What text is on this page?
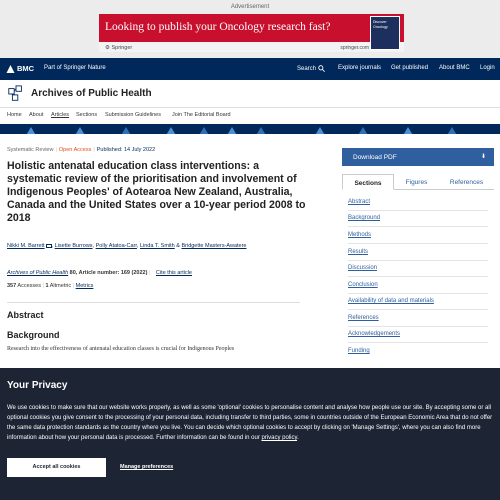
Advertisement
Looking to publish your Oncology research fast?
⚙ Springer	springer.com
Discover Oncology
BMC Part of Springer Nature	Search	Explore journals Get published About BMC Login
Archives of Public Health
Home About Articles Sections Submission Guidelines Join The Editorial Board
Systematic Review | Open Access | Published: 14 July 2022
Holistic antenatal education class interventions: a systematic review of the prioritisation and involvement of Indigenous Peoples' of Aotearoa New Zealand, Australia, Canada and the United States over a 10-year period 2008 to 2018
Nikki M. Barrett , Lisette Burrows, Polly Atatoa-Carr, Linda T. Smith & Bridgette Masters-Awatere
Archives of Public Health 80, Article number: 169 (2022) | Cite this article
357 Accesses | 1 Altmetric | Metrics
Abstract
Background

Research into the effectiveness of antenatal education classes is crucial for Indigenous Peoples

Download PDF	⬇
Sections	Figures	References
Abstract
Background
Methods
Results
Discussion
Conclusion
Availability of data and materials
References
Acknowledgements
Funding
Your Privacy

We use cookies to make sure that our website works properly, as well as some 'optional' cookies to personalise content and analyse how people use our site. By accepting some or all optional cookies you give consent to the processing of your personal data, including transfer to third parties, some in countries outside of the European Economic Area that do not offer the same data protection standards as the country where you live. You can decide which optional cookies to accept by clicking on 'Manage Settings', where you can also find more information about how your personal data is processed. Further information can be found in our privacy policy.

Accept all cookies	Manage preferences
